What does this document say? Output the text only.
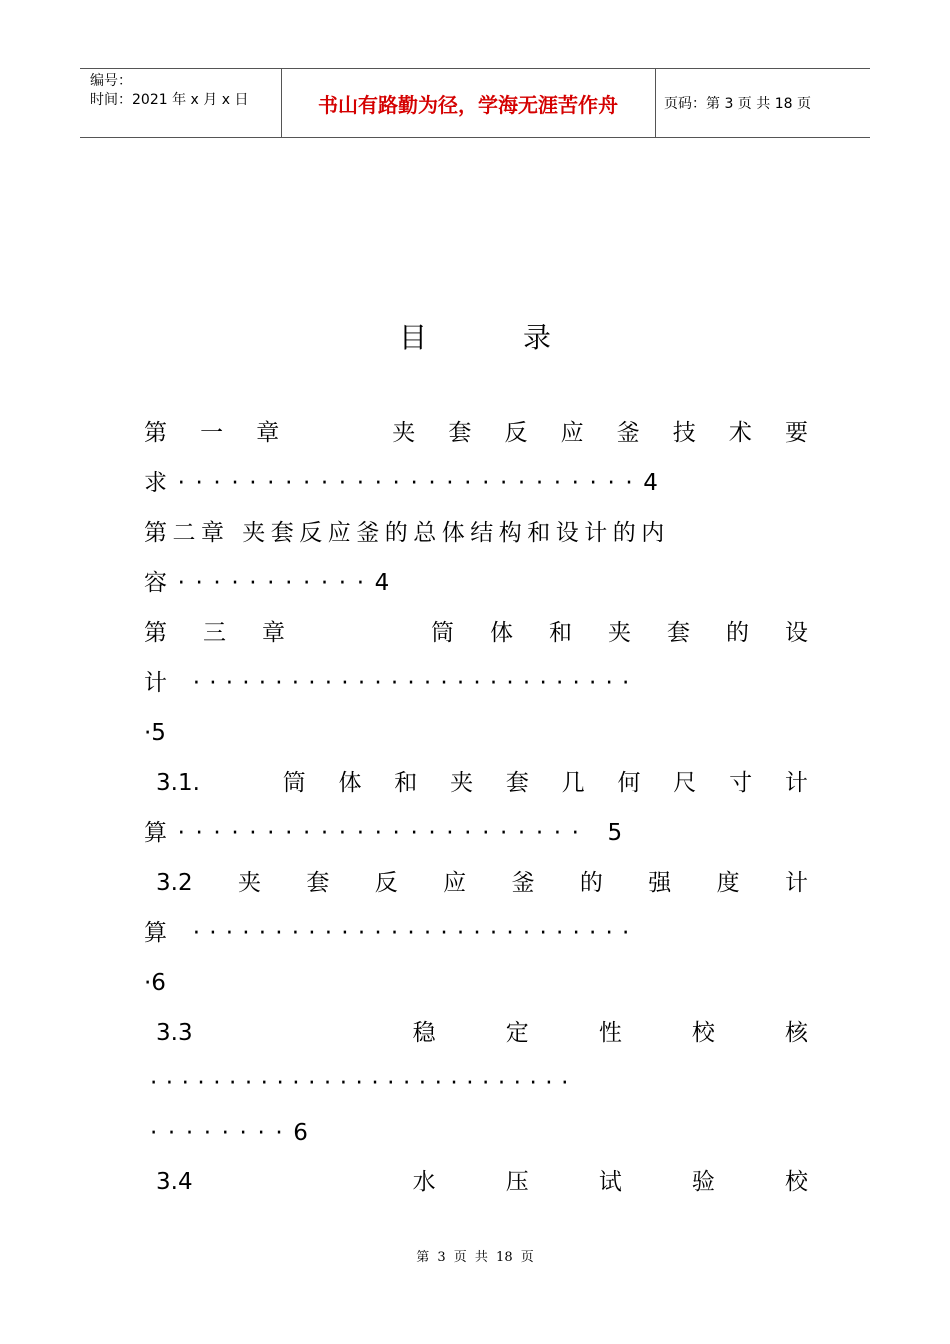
编号：
时间：2021 年 x 月 x 日	书山有路勤为径，学海无涯苦作舟	页码：第 3 页 共 18 页
目	录
第 一 章	夹 套 反 应 釜 技 术 要
求··························4
第二章 夹套反应釜的总体结构和设计的内
容···········4
第 三 章	筒 体 和 夹 套 的 设
计 ···························
·5
3.1.	筒 体 和 夹 套 几 何 尺 寸 计
算······················· 5
3.2 夹 套 反 应 釜 的 强 度 计
算 ···························
·6
3.3	稳	定	性	校	核
···························
········6
3.4	水	压	试	验	校
第 3 页 共 18 页
